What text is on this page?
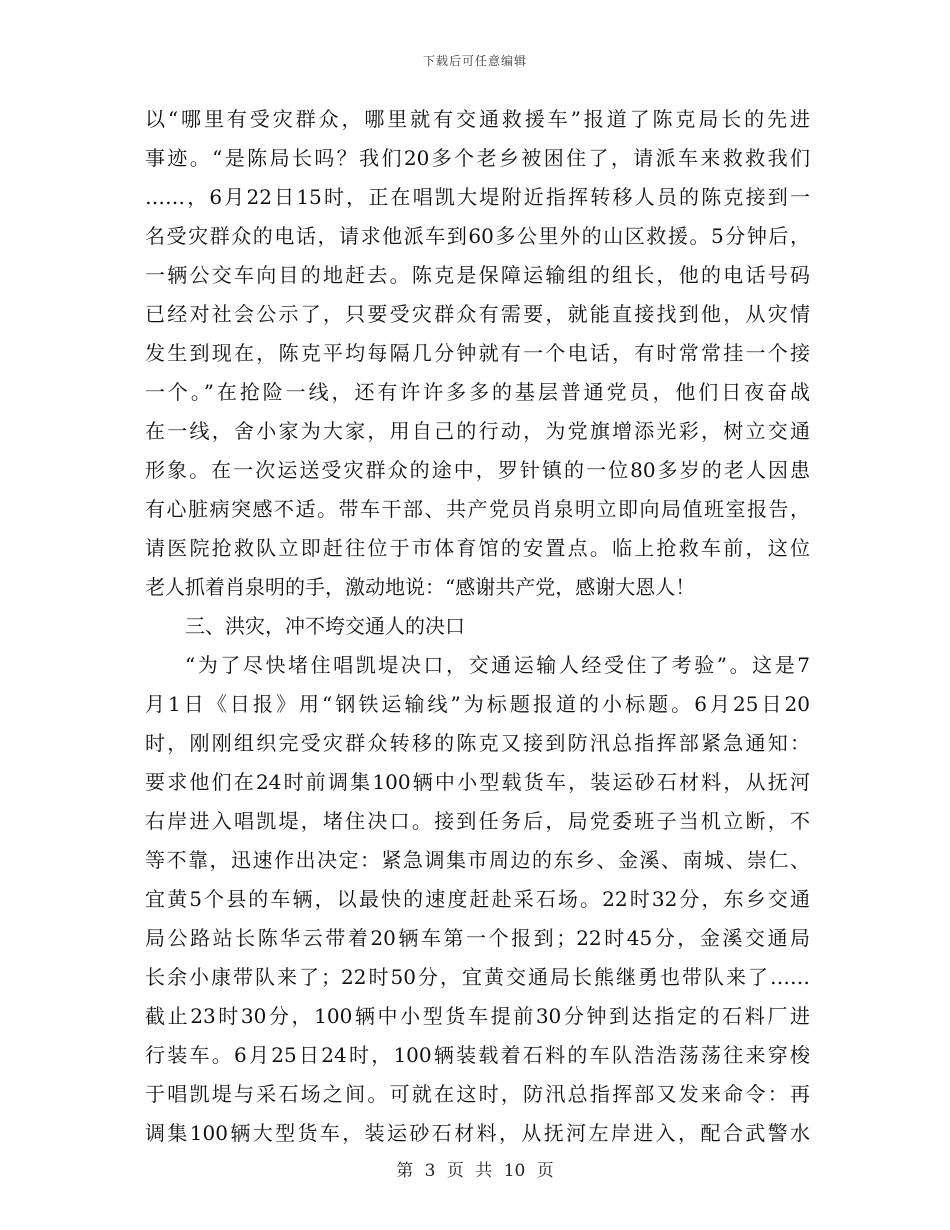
下载后可任意编辑
以“哪里有受灾群众，哪里就有交通救援车”报道了陈克局长的先进
事迹。“是陈局长吗？我们20多个老乡被困住了，请派车来救救我们
……，6月22日15时，正在唱凯大堤附近指挥转移人员的陈克接到一
名受灾群众的电话，请求他派车到60多公里外的山区救援。5分钟后，
一辆公交车向目的地赶去。陈克是保障运输组的组长，他的电话号码
已经对社会公示了，只要受灾群众有需要，就能直接找到他，从灾情
发生到现在，陈克平均每隔几分钟就有一个电话，有时常常挂一个接
一个。”在抢险一线，还有许许多多的基层普通党员，他们日夜奋战
在一线，舍小家为大家，用自己的行动，为党旗增添光彩，树立交通
形象。在一次运送受灾群众的途中，罗针镇的一位80多岁的老人因患
有心脏病突感不适。带车干部、共产党员肖泉明立即向局值班室报告，
请医院抢救队立即赶往位于市体育馆的安置点。临上抢救车前，这位
老人抓着肖泉明的手，激动地说：“感谢共产党，感谢大恩人！
三、洪灾，冲不垮交通人的决口
“为了尽快堵住唱凯堤决口，交通运输人经受住了考验”。这是7
月1日《日报》用“钢铁运输线”为标题报道的小标题。6月25日20
时，刚刚组织完受灾群众转移的陈克又接到防汛总指挥部紧急通知：
要求他们在24时前调集100辆中小型载货车，装运砂石材料，从抚河
右岸进入唱凯堤，堵住决口。接到任务后，局党委班子当机立断，不
等不靠，迅速作出决定：紧急调集市周边的东乡、金溪、南城、崇仁、
宜黄5个县的车辆，以最快的速度赶赴采石场。22时32分，东乡交通
局公路站长陈华云带着20辆车第一个报到；22时45分，金溪交通局
长余小康带队来了；22时50分，宜黄交通局长熊继勇也带队来了……
截止23时30分，100辆中小型货车提前30分钟到达指定的石料厂进
行装车。6月25日24时，100辆装载着石料的车队浩浩荡荡往来穿梭
于唱凯堤与采石场之间。可就在这时，防汛总指挥部又发来命令：再
调集100辆大型货车，装运砂石材料，从抚河左岸进入，配合武警水
第 3 页 共 10 页
